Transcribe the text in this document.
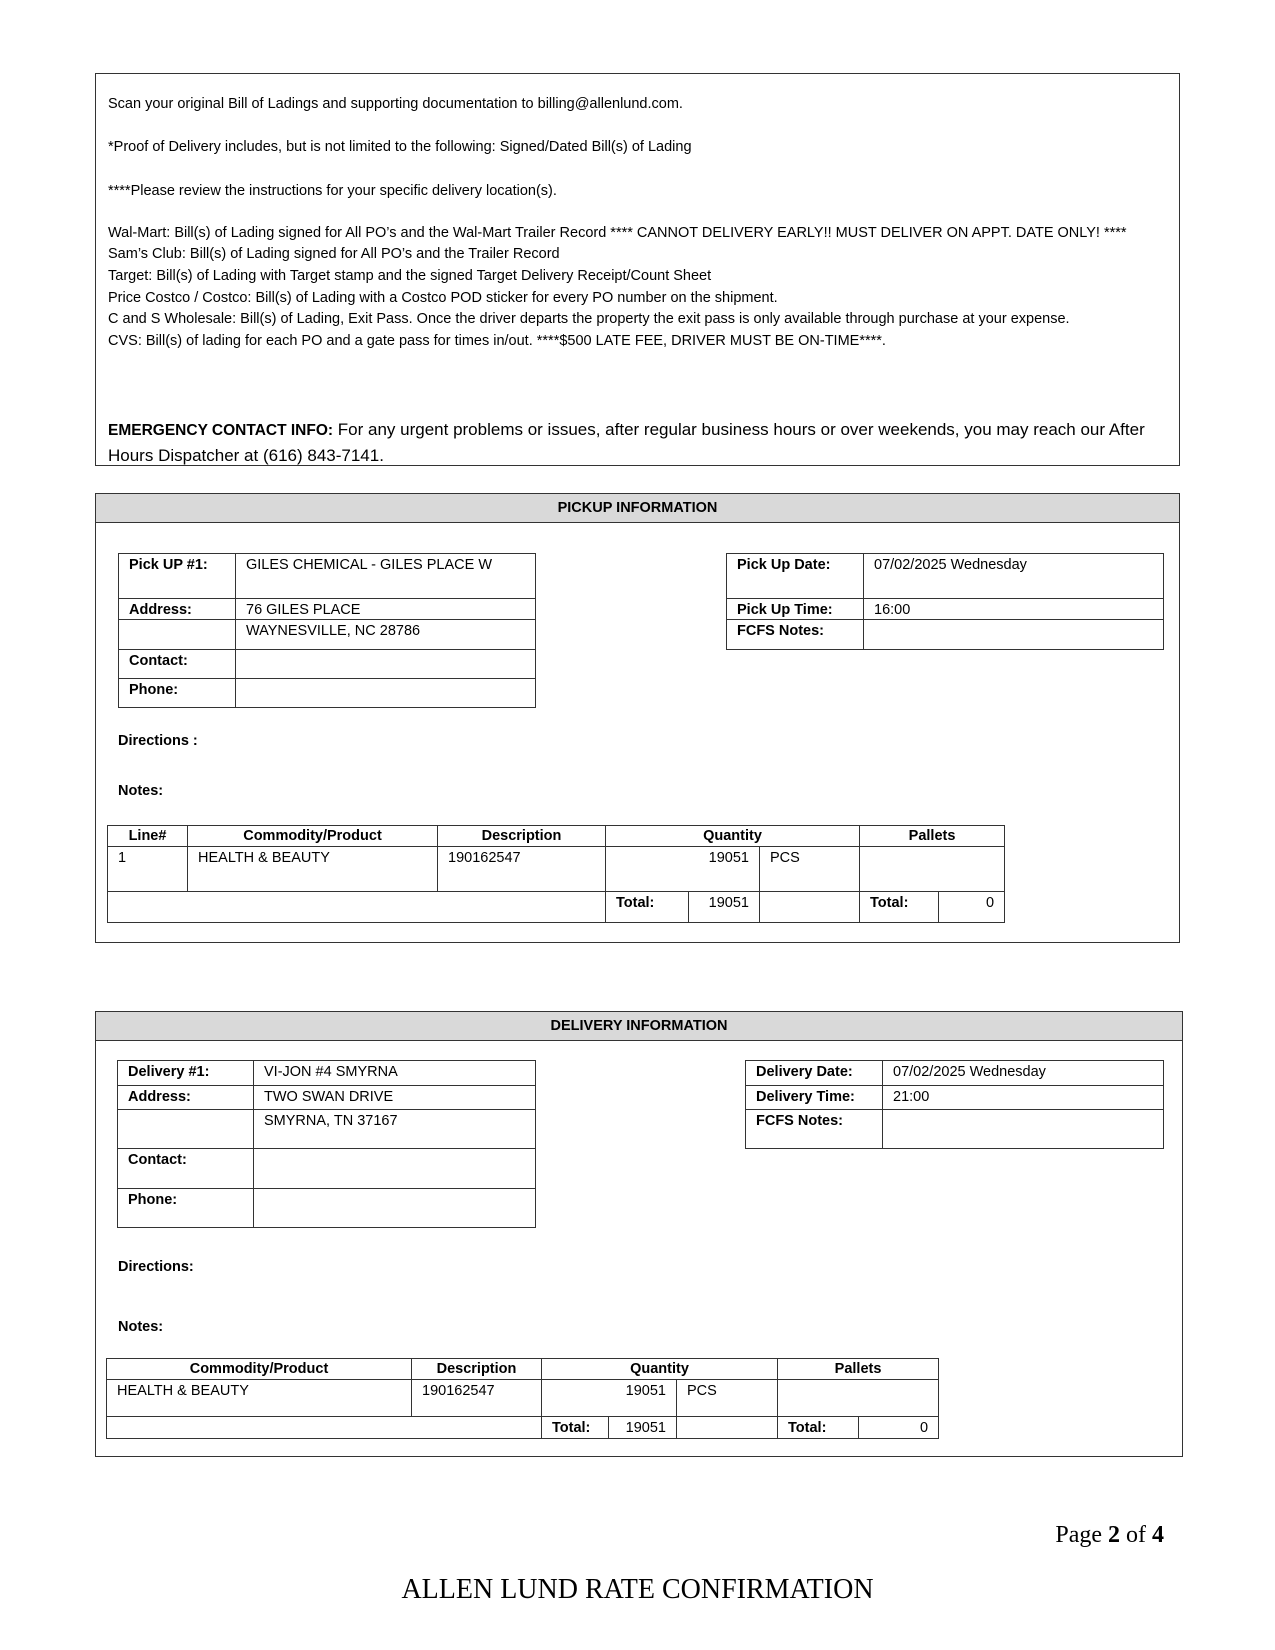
Scan your original Bill of Ladings and supporting documentation to billing@allenlund.com.
*Proof of Delivery includes, but is not limited to the following: Signed/Dated Bill(s) of Lading
****Please review the instructions for your specific delivery location(s).
Wal-Mart: Bill(s) of Lading signed for All PO’s and the Wal-Mart Trailer Record **** CANNOT DELIVERY EARLY!! MUST DELIVER ON APPT. DATE ONLY! ****
Sam’s Club: Bill(s) of Lading signed for All PO’s and the Trailer Record
Target: Bill(s) of Lading with Target stamp and the signed Target Delivery Receipt/Count Sheet
Price Costco / Costco: Bill(s) of Lading with a Costco POD sticker for every PO number on the shipment.
C and S Wholesale: Bill(s) of Lading, Exit Pass. Once the driver departs the property the exit pass is only available through purchase at your expense.
CVS: Bill(s) of lading for each PO and a gate pass for times in/out. ****$500 LATE FEE, DRIVER MUST BE ON-TIME****.
EMERGENCY CONTACT INFO: For any urgent problems or issues, after regular business hours or over weekends, you may reach our After Hours Dispatcher at (616) 843-7141.
PICKUP INFORMATION
Pick UP #1:	GILES CHEMICAL - GILES PLACE W
Address:	76 GILES PLACE
	WAYNESVILLE, NC 28786
Contact:	
Phone:	
Pick Up Date:	07/02/2025 Wednesday
Pick Up Time:	16:00
FCFS Notes:	
Directions :
Notes:
Line#	Commodity/Product	Description	Quantity			Pallets	
1	HEALTH & BEAUTY	190162547	19051		PCS		
			Total:	19051		Total:	0
DELIVERY INFORMATION
Delivery #1:	VI-JON #4 SMYRNA
Address:	TWO SWAN DRIVE
	SMYRNA, TN 37167
Contact:	
Phone:	
Delivery Date:	07/02/2025 Wednesday
Delivery Time:	21:00
FCFS Notes:	
Directions:
Notes:
Commodity/Product	Description	Quantity			Pallets	
HEALTH & BEAUTY	190162547	19051		PCS		
		Total:	19051		Total:	0
Page 2 of 4
ALLEN LUND RATE CONFIRMATION
